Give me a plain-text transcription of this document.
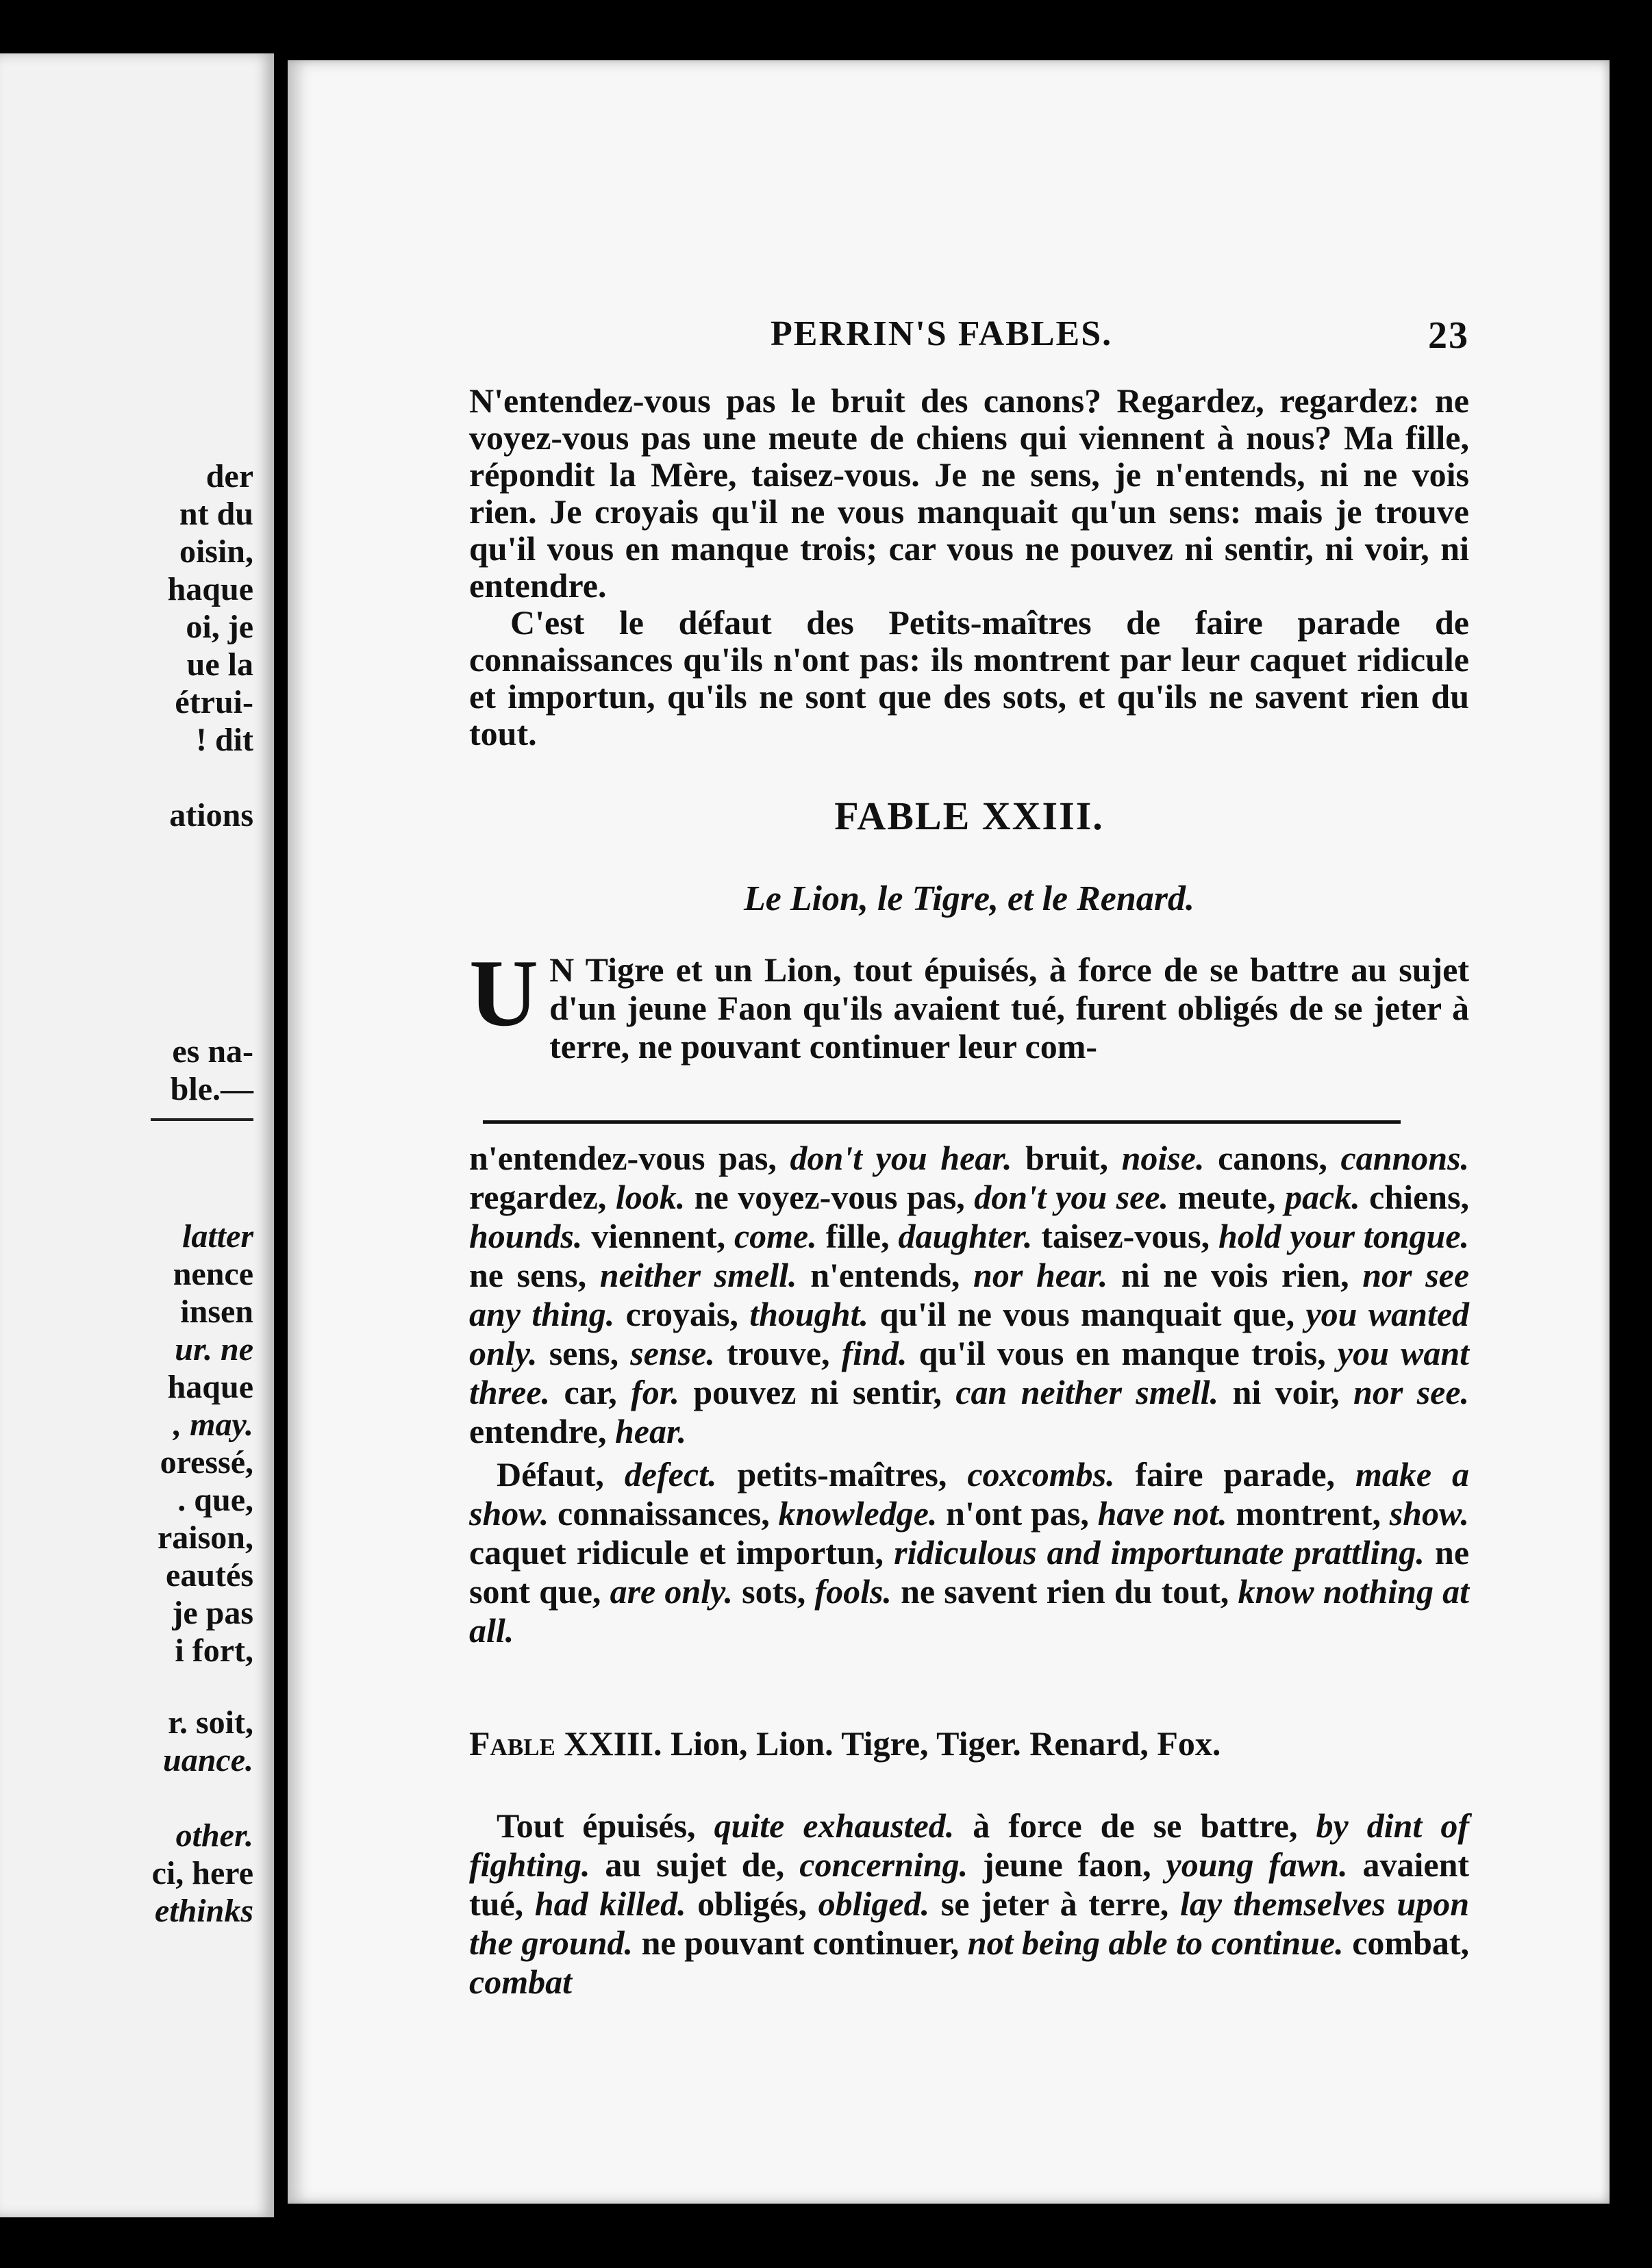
der
nt du
oisin,
haque
oi, je
ue la
étrui-
! dit
ations
es na-
ble.—
latter
nence
insen
ur. ne
haque
, may.
oressé,
. que,
raison,
eautés
je pas
i fort,
r. soit,
uance.
other.
ci, here
ethinks
PERRIN'S FABLES.	23

N'entendez-vous pas le bruit des canons? Regardez, regardez: ne voyez-vous pas une meute de chiens qui viennent à nous? Ma fille, répondit la Mère, taisez-vous. Je ne sens, je n'entends, ni ne vois rien. Je croyais qu'il ne vous manquait qu'un sens: mais je trouve qu'il vous en manque trois; car vous ne pouvez ni sentir, ni voir, ni entendre.

C'est le défaut des Petits-maîtres de faire parade de connaissances qu'ils n'ont pas: ils montrent par leur caquet ridicule et importun, qu'ils ne sont que des sots, et qu'ils ne savent rien du tout.

FABLE XXIII.
Le Lion, le Tigre, et le Renard.
U N Tigre et un Lion, tout épuisés, à force de se battre au sujet d'un jeune Faon qu'ils avaient tué, furent obligés de se jeter à terre, ne pouvant continuer leur com-

n'entendez-vous pas, don't you hear. bruit, noise. canons, cannons. regardez, look. ne voyez-vous pas, don't you see. meute, pack. chiens, hounds. viennent, come. fille, daughter. taisez-vous, hold your tongue. ne sens, neither smell. n'entends, nor hear. ni ne vois rien, nor see any thing. croyais, thought. qu'il ne vous manquait que, you wanted only. sens, sense. trouve, find. qu'il vous en manque trois, you want three. car, for. pouvez ni sentir, can neither smell. ni voir, nor see. entendre, hear.

Défaut, defect. petits-maîtres, coxcombs. faire parade, make a show. connaissances, knowledge. n'ont pas, have not. montrent, show. caquet ridicule et importun, ridiculous and importunate prattling. ne sont que, are only. sots, fools. ne savent rien du tout, know nothing at all.

Fable XXIII. Lion, Lion. Tigre, Tiger. Renard, Fox.
Tout épuisés, quite exhausted. à force de se battre, by dint of fighting. au sujet de, concerning. jeune faon, young fawn. avaient tué, had killed. obligés, obliged. se jeter à terre, lay themselves upon the ground. ne pouvant continuer, not being able to continue. combat, combat
